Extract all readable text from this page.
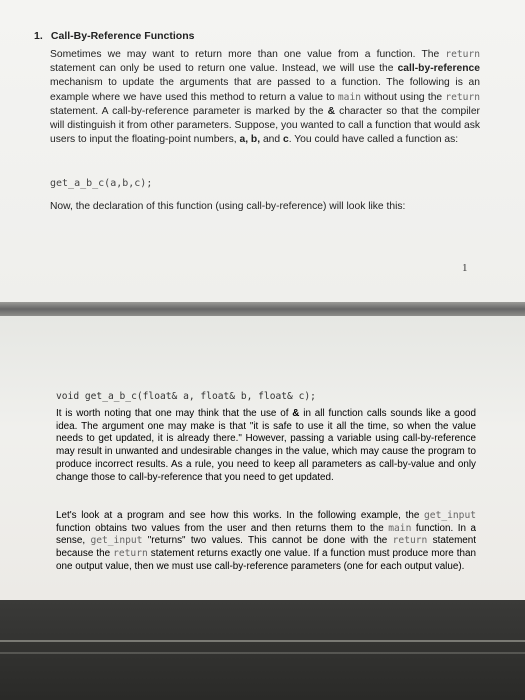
1. Call-By-Reference Functions
Sometimes we may want to return more than one value from a function. The return statement can only be used to return one value. Instead, we will use the call-by-reference mechanism to update the arguments that are passed to a function. The following is an example where we have used this method to return a value to main without using the return statement. A call-by-reference parameter is marked by the & character so that the compiler will distinguish it from other parameters. Suppose, you wanted to call a function that would ask users to input the floating-point numbers, a, b, and c. You could have called a function as:
get_a_b_c(a,b,c);
Now, the declaration of this function (using call-by-reference) will look like this:
1
void get_a_b_c(float& a, float& b, float& c);
It is worth noting that one may think that the use of & in all function calls sounds like a good idea. The argument one may make is that "it is safe to use it all the time, so when the value needs to get updated, it is already there." However, passing a variable using call-by-reference may result in unwanted and undesirable changes in the value, which may cause the program to produce incorrect results. As a rule, you need to keep all parameters as call-by-value and only change those to call-by-reference that you need to get updated.
Let's look at a program and see how this works. In the following example, the get_input function obtains two values from the user and then returns them to the main function. In a sense, get_input "returns" two values. This cannot be done with the return statement because the return statement returns exactly one value. If a function must produce more than one output value, then we must use call-by-reference parameters (one for each output value).
